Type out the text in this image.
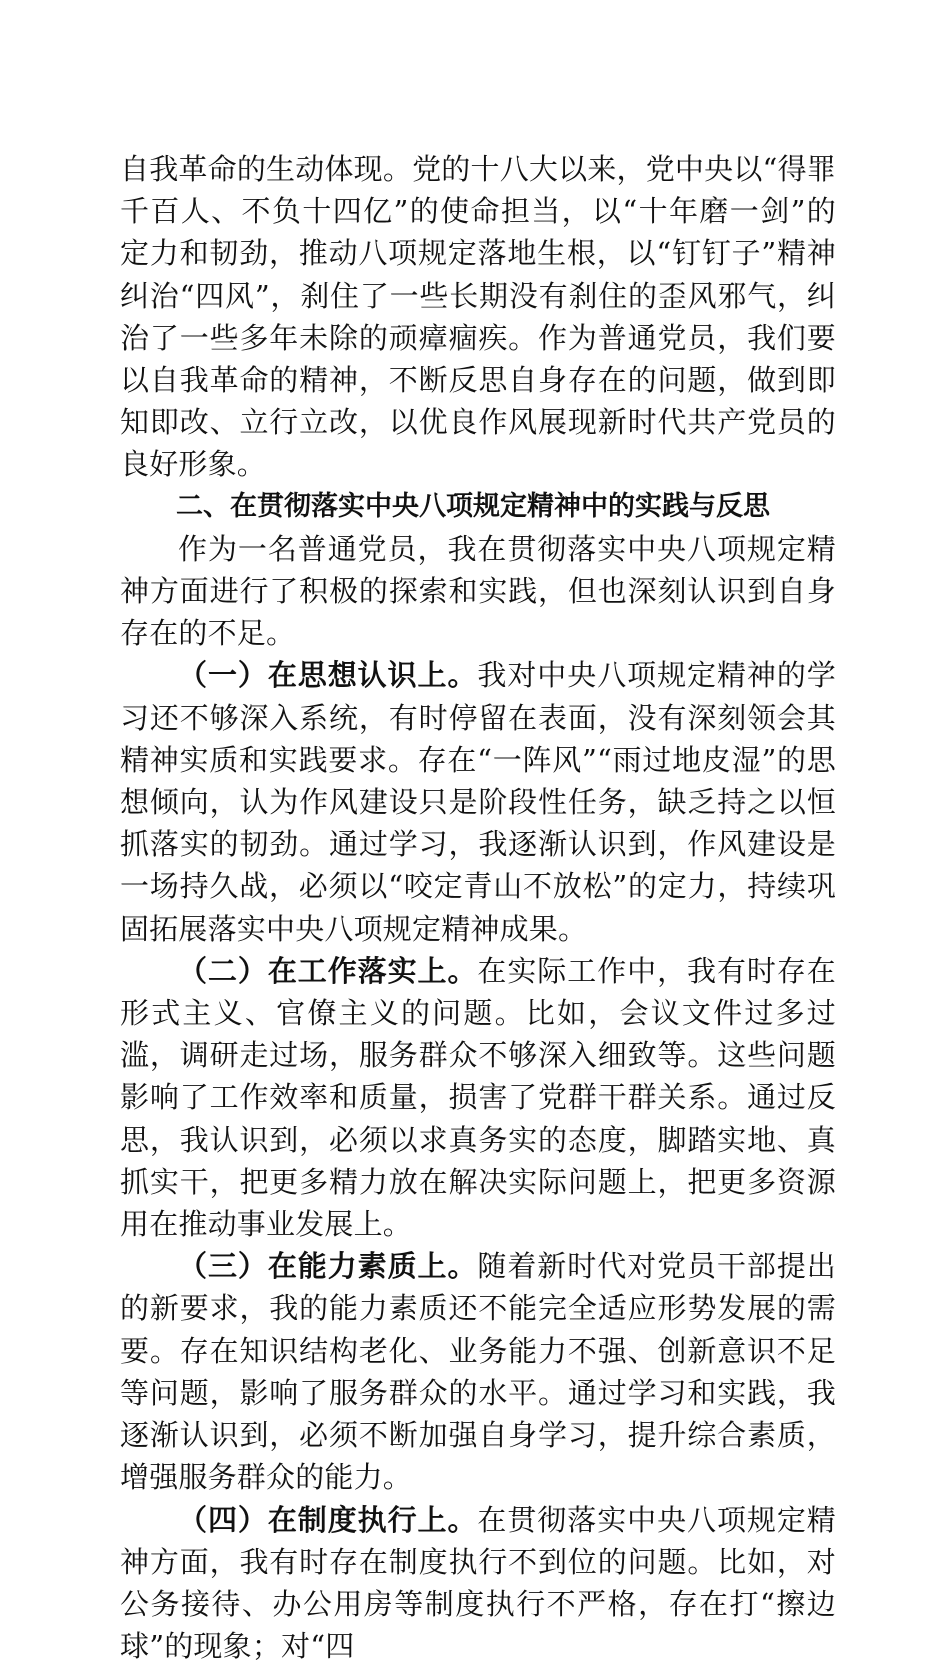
自我革命的生动体现。党的十八大以来，党中央以“得罪千百人、不负十四亿”的使命担当，以“十年磨一剑”的定力和韧劲，推动八项规定落地生根，以“钉钉子”精神纠治“四风”，刹住了一些长期没有刹住的歪风邪气，纠治了一些多年未除的顽瘴痼疾。作为普通党员，我们要以自我革命的精神，不断反思自身存在的问题，做到即知即改、立行立改，以优良作风展现新时代共产党员的良好形象。

二、在贯彻落实中央八项规定精神中的实践与反思

作为一名普通党员，我在贯彻落实中央八项规定精神方面进行了积极的探索和实践，但也深刻认识到自身存在的不足。

（一）在思想认识上。我对中央八项规定精神的学习还不够深入系统，有时停留在表面，没有深刻领会其精神实质和实践要求。存在“一阵风”“雨过地皮湿”的思想倾向，认为作风建设只是阶段性任务，缺乏持之以恒抓落实的韧劲。通过学习，我逐渐认识到，作风建设是一场持久战，必须以“咬定青山不放松”的定力，持续巩固拓展落实中央八项规定精神成果。

（二）在工作落实上。在实际工作中，我有时存在形式主义、官僚主义的问题。比如，会议文件过多过滥，调研走过场，服务群众不够深入细致等。这些问题影响了工作效率和质量，损害了党群干群关系。通过反思，我认识到，必须以求真务实的态度，脚踏实地、真抓实干，把更多精力放在解决实际问题上，把更多资源用在推动事业发展上。

（三）在能力素质上。随着新时代对党员干部提出的新要求，我的能力素质还不能完全适应形势发展的需要。存在知识结构老化、业务能力不强、创新意识不足等问题，影响了服务群众的水平。通过学习和实践，我逐渐认识到，必须不断加强自身学习，提升综合素质，增强服务群众的能力。

（四）在制度执行上。在贯彻落实中央八项规定精神方面，我有时存在制度执行不到位的问题。比如，对公务接待、办公用房等制度执行不严格，存在打“擦边球”的现象；对“四
